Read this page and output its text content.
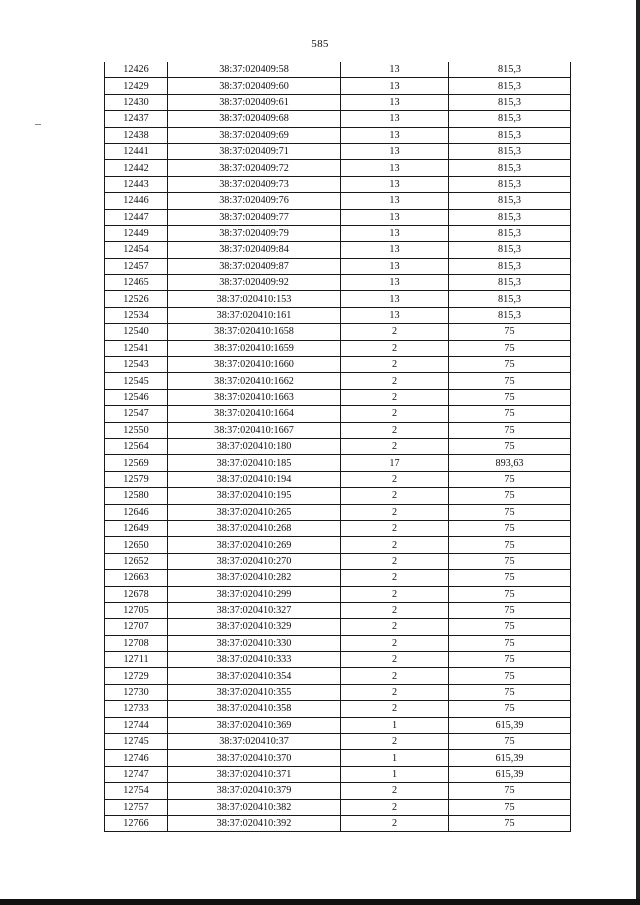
585
12426	38:37:020409:58	13	815,3
12429	38:37:020409:60	13	815,3
12430	38:37:020409:61	13	815,3
12437	38:37:020409:68	13	815,3
12438	38:37:020409:69	13	815,3
12441	38:37:020409:71	13	815,3
12442	38:37:020409:72	13	815,3
12443	38:37:020409:73	13	815,3
12446	38:37:020409:76	13	815,3
12447	38:37:020409:77	13	815,3
12449	38:37:020409:79	13	815,3
12454	38:37:020409:84	13	815,3
12457	38:37:020409:87	13	815,3
12465	38:37:020409:92	13	815,3
12526	38:37:020410:153	13	815,3
12534	38:37:020410:161	13	815,3
12540	38:37:020410:1658	2	75
12541	38:37:020410:1659	2	75
12543	38:37:020410:1660	2	75
12545	38:37:020410:1662	2	75
12546	38:37:020410:1663	2	75
12547	38:37:020410:1664	2	75
12550	38:37:020410:1667	2	75
12564	38:37:020410:180	2	75
12569	38:37:020410:185	17	893,63
12579	38:37:020410:194	2	75
12580	38:37:020410:195	2	75
12646	38:37:020410:265	2	75
12649	38:37:020410:268	2	75
12650	38:37:020410:269	2	75
12652	38:37:020410:270	2	75
12663	38:37:020410:282	2	75
12678	38:37:020410:299	2	75
12705	38:37:020410:327	2	75
12707	38:37:020410:329	2	75
12708	38:37:020410:330	2	75
12711	38:37:020410:333	2	75
12729	38:37:020410:354	2	75
12730	38:37:020410:355	2	75
12733	38:37:020410:358	2	75
12744	38:37:020410:369	1	615,39
12745	38:37:020410:37	2	75
12746	38:37:020410:370	1	615,39
12747	38:37:020410:371	1	615,39
12754	38:37:020410:379	2	75
12757	38:37:020410:382	2	75
12766	38:37:020410:392	2	75
